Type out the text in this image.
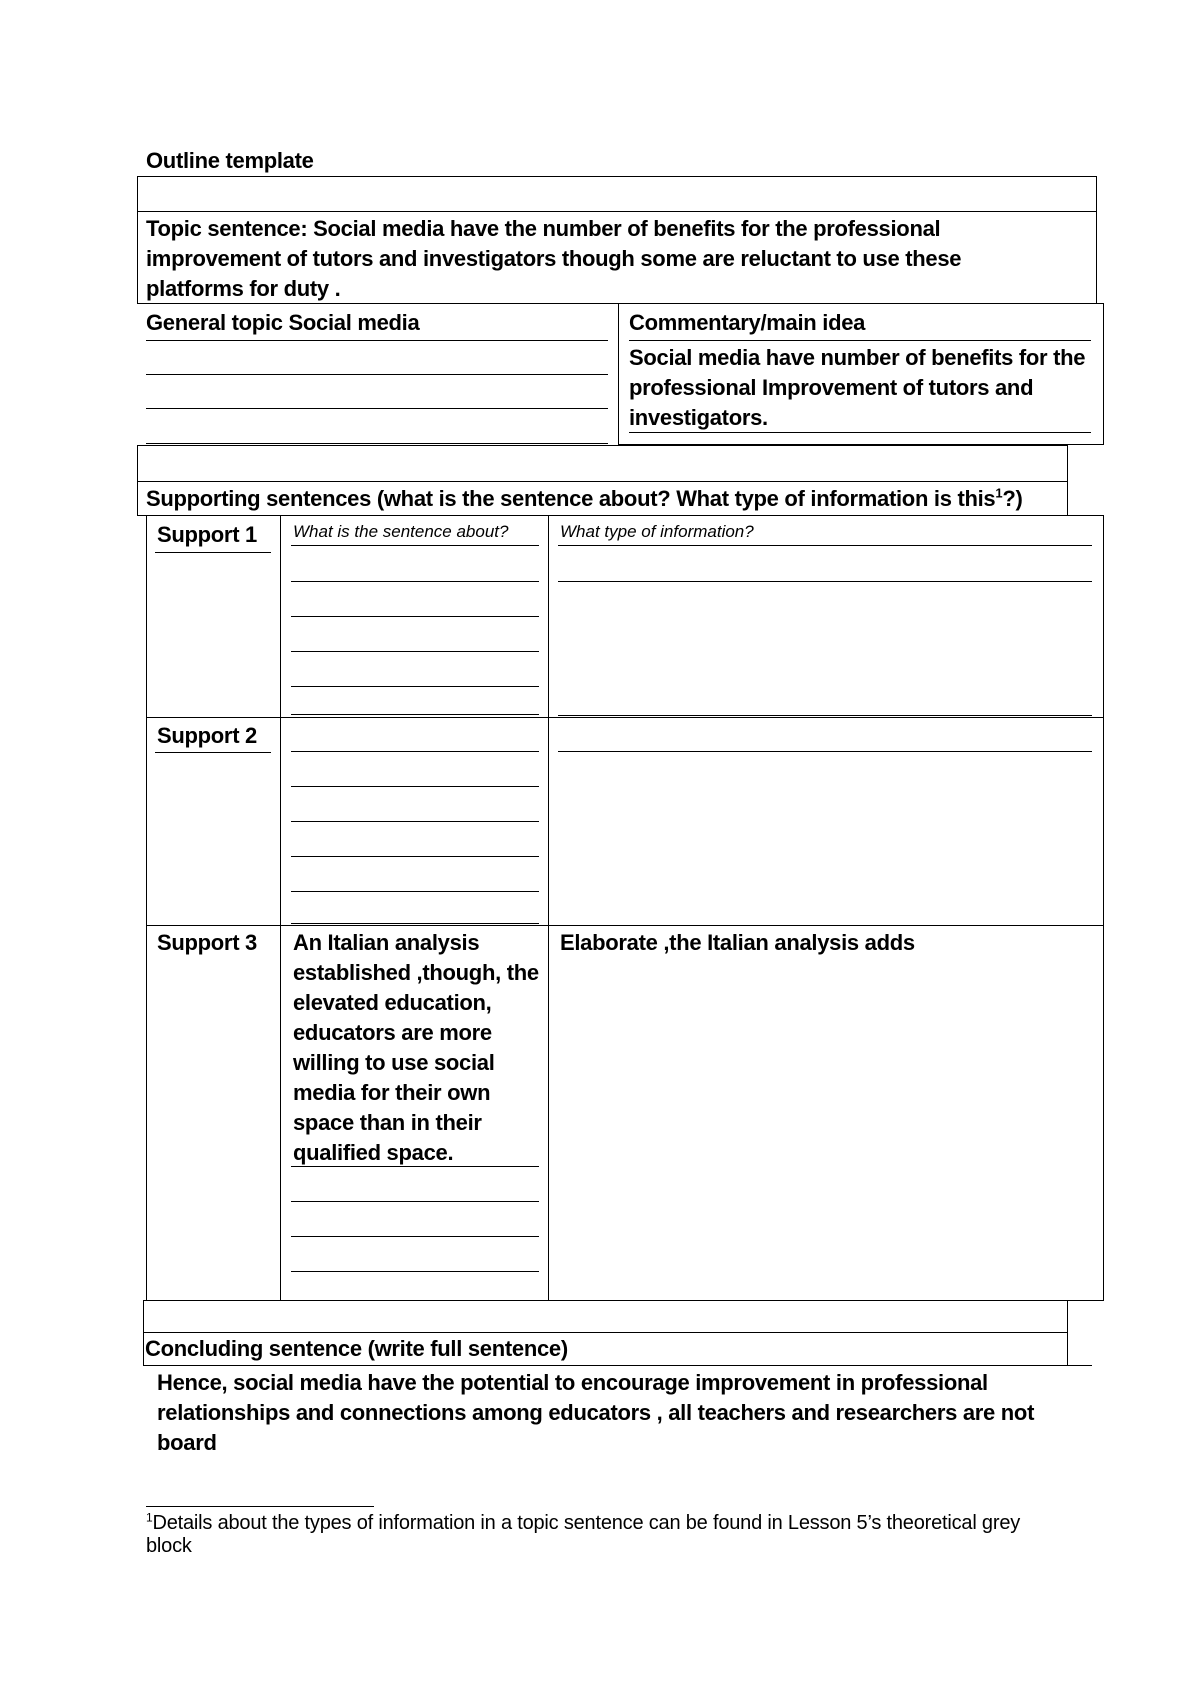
Outline template
Topic sentence: Social media have the number of benefits for the professional improvement of tutors and investigators though some are reluctant to use these platforms for duty .
General topic Social media	Commentary/main idea
Social media have number of benefits for the professional Improvement of tutors and investigators.
Supporting sentences (what is the sentence about? What type of information is this$^1$?)
Support 1 What is the sentence about?	What type of information?
Support 2
Support 3 An Italian analysis established ,though, the elevated education, educators are more willing to use social media for their own space than in their qualified space.
Elaborate ,the Italian analysis adds
Concluding sentence (write full sentence)
Hence, social media have the potential to encourage improvement in professional relationships and connections among educators , all teachers and researchers are not board
$^1$Details about the types of information in a topic sentence can be found in Lesson 5’s theoretical grey block
